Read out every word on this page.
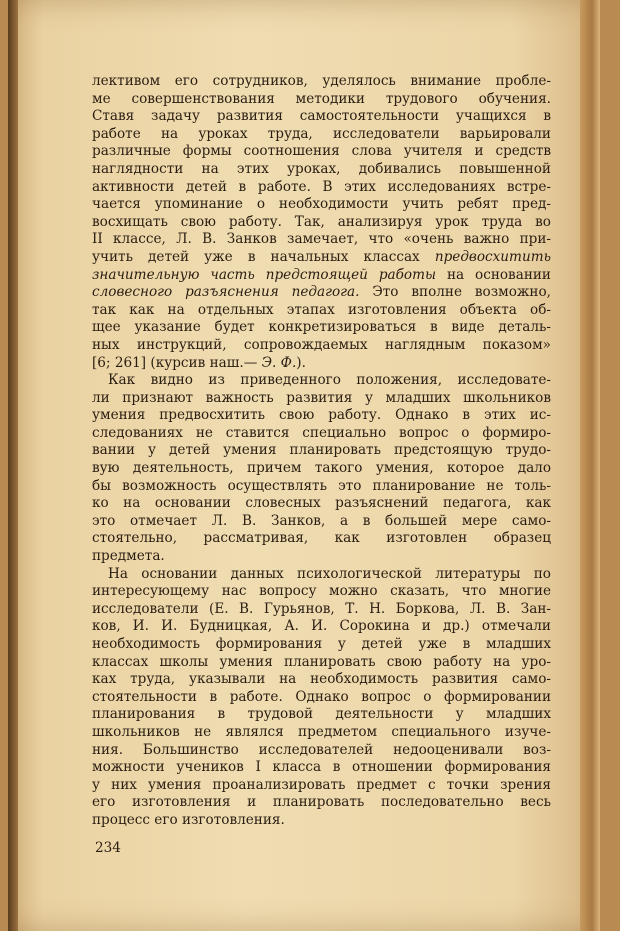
лективом его сотрудников, уделялось внимание пробле-
ме совершенствования методики трудового обучения.
Ставя задачу развития самостоятельности учащихся в
работе на уроках труда, исследователи варьировали
различные формы соотношения слова учителя и средств
наглядности на этих уроках, добивались повышенной
активности детей в работе. В этих исследованиях встре-
чается упоминание о необходимости учить ребят пред-
восхищать свою работу. Так, анализируя урок труда во
II классе, Л. В. Занков замечает, что «очень важно при-
учить детей уже в начальных классах предвосхитить
значительную часть предстоящей работы на основании
словесного разъяснения педагога. Это вполне возможно,
так как на отдельных этапах изготовления объекта об-
щее указание будет конкретизироваться в виде деталь-
ных инструкций, сопровождаемых наглядным показом»
[6; 261] (курсив наш.— Э. Ф.).
Как видно из приведенного положения, исследовате-
ли признают важность развития у младших школьников
умения предвосхитить свою работу. Однако в этих ис-
следованиях не ставится специально вопрос о формиро-
вании у детей умения планировать предстоящую трудо-
вую деятельность, причем такого умения, которое дало
бы возможность осуществлять это планирование не толь-
ко на основании словесных разъяснений педагога, как
это отмечает Л. В. Занков, а в большей мере само-
стоятельно, рассматривая, как изготовлен образец
предмета.
На основании данных психологической литературы по
интересующему нас вопросу можно сказать, что многие
исследователи (Е. В. Гурьянов, Т. Н. Боркова, Л. В. Зан-
ков, И. И. Будницкая, А. И. Сорокина и др.) отмечали
необходимость формирования у детей уже в младших
классах школы умения планировать свою работу на уро-
ках труда, указывали на необходимость развития само-
стоятельности в работе. Однако вопрос о формировании
планирования в трудовой деятельности у младших
школьников не являлся предметом специального изуче-
ния. Большинство исследователей недооценивали воз-
можности учеников I класса в отношении формирования
у них умения проанализировать предмет с точки зрения
его изготовления и планировать последовательно весь
процесс его изготовления.
234
